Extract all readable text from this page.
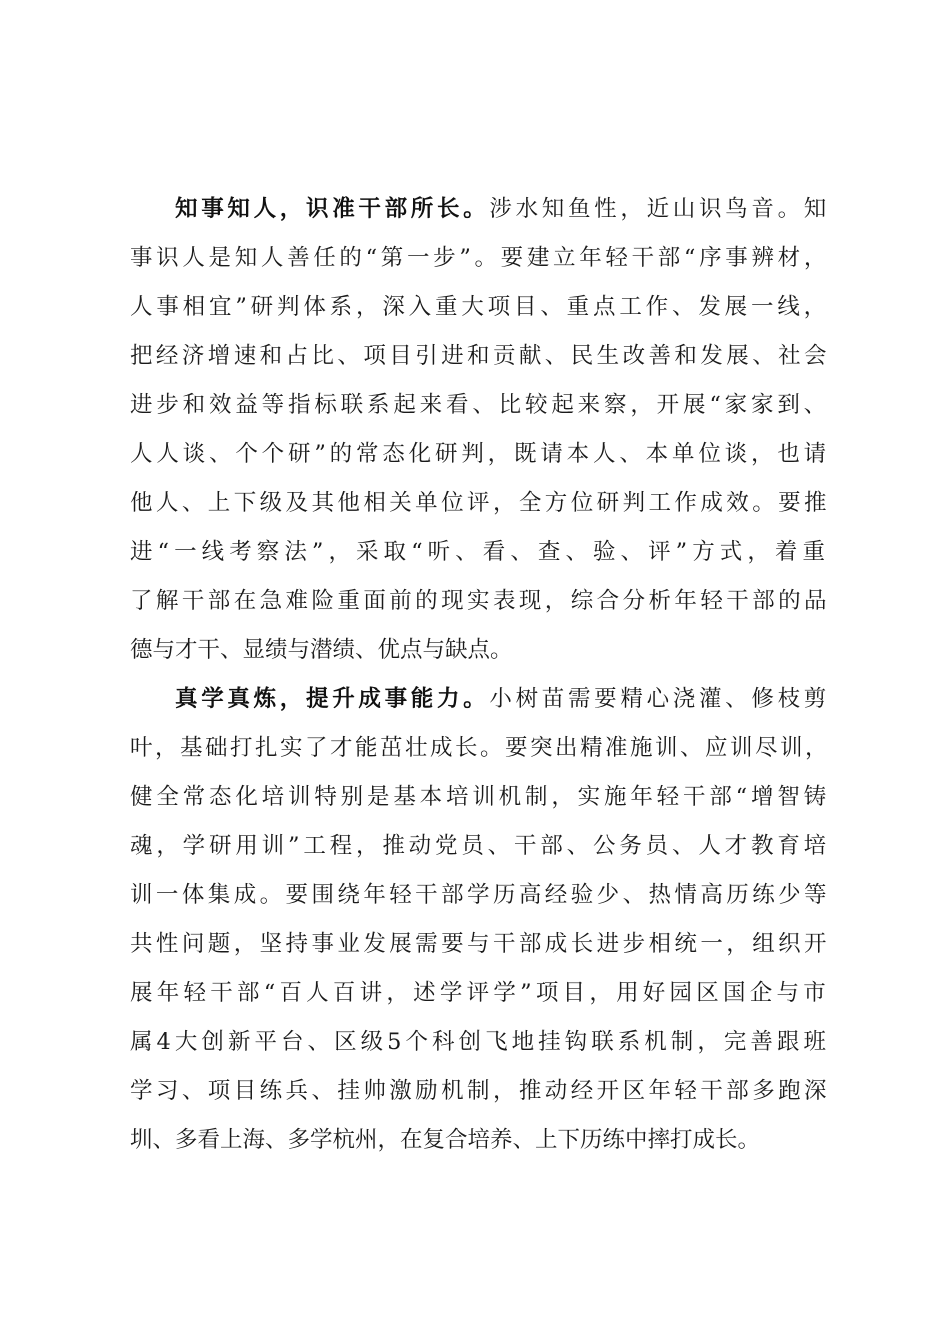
知事知人，识准干部所长。涉水知鱼性，近山识鸟音。知
事识人是知人善任的“第一步”。要建立年轻干部“序事辨材，
人事相宜”研判体系，深入重大项目、重点工作、发展一线，
把经济增速和占比、项目引进和贡献、民生改善和发展、社会
进步和效益等指标联系起来看、比较起来察，开展“家家到、
人人谈、个个研”的常态化研判，既请本人、本单位谈，也请
他人、上下级及其他相关单位评，全方位研判工作成效。要推
进“一线考察法”，采取“听、看、查、验、评”方式，着重
了解干部在急难险重面前的现实表现，综合分析年轻干部的品
德与才干、显绩与潜绩、优点与缺点。
真学真炼，提升成事能力。小树苗需要精心浇灌、修枝剪
叶，基础打扎实了才能茁壮成长。要突出精准施训、应训尽训，
健全常态化培训特别是基本培训机制，实施年轻干部“增智铸
魂，学研用训”工程，推动党员、干部、公务员、人才教育培
训一体集成。要围绕年轻干部学历高经验少、热情高历练少等
共性问题，坚持事业发展需要与干部成长进步相统一，组织开
展年轻干部“百人百讲，述学评学”项目，用好园区国企与市
属4大创新平台、区级5个科创飞地挂钩联系机制，完善跟班
学习、项目练兵、挂帅激励机制，推动经开区年轻干部多跑深
圳、多看上海、多学杭州，在复合培养、上下历练中摔打成长。
